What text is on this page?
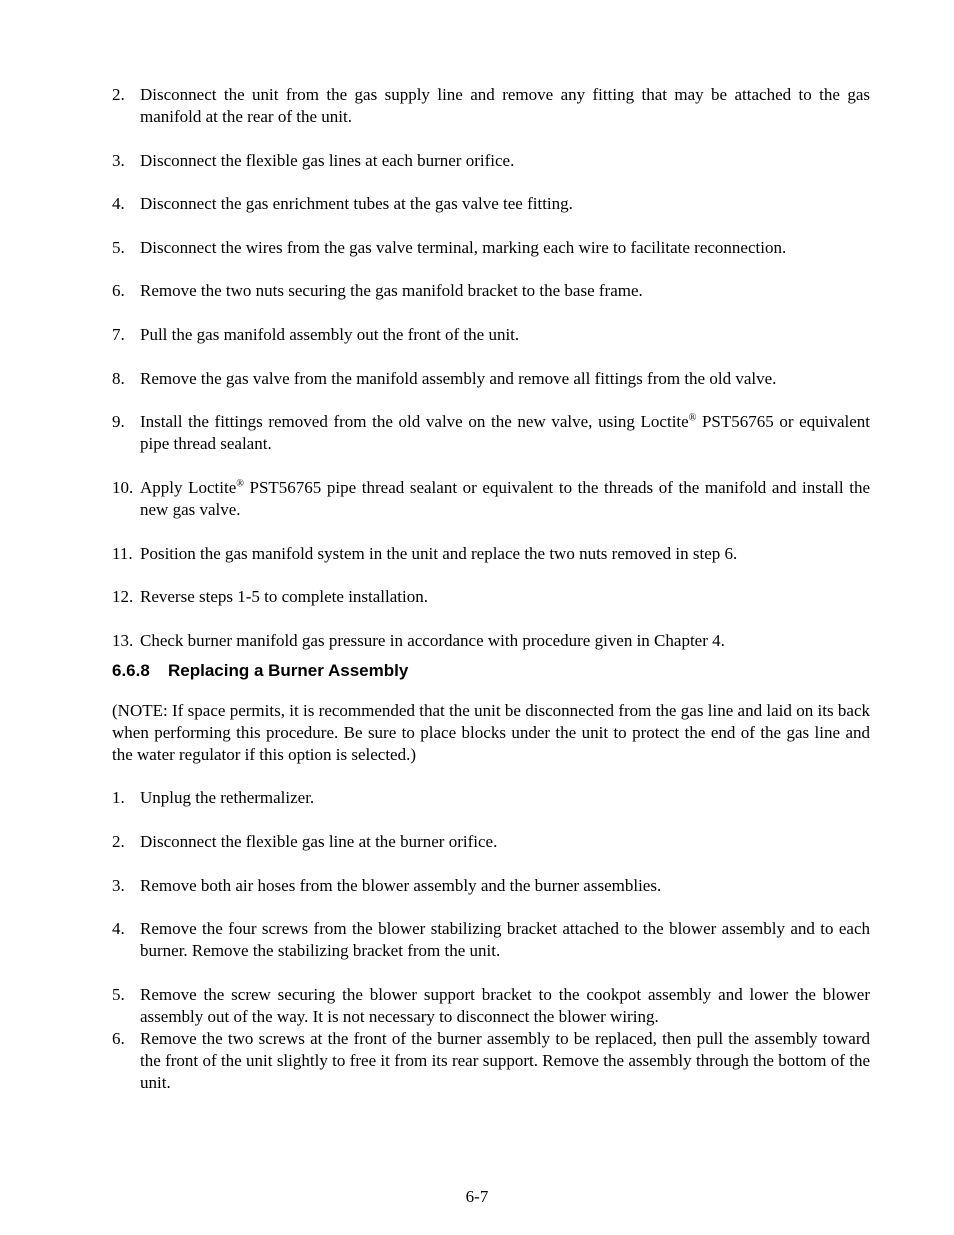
2. Disconnect the unit from the gas supply line and remove any fitting that may be attached to the gas manifold at the rear of the unit.
3. Disconnect the flexible gas lines at each burner orifice.
4. Disconnect the gas enrichment tubes at the gas valve tee fitting.
5. Disconnect the wires from the gas valve terminal, marking each wire to facilitate reconnection.
6. Remove the two nuts securing the gas manifold bracket to the base frame.
7. Pull the gas manifold assembly out the front of the unit.
8. Remove the gas valve from the manifold assembly and remove all fittings from the old valve.
9. Install the fittings removed from the old valve on the new valve, using Loctite® PST56765 or equivalent pipe thread sealant.
10. Apply Loctite® PST56765 pipe thread sealant or equivalent to the threads of the manifold and install the new gas valve.
11. Position the gas manifold system in the unit and replace the two nuts removed in step 6.
12. Reverse steps 1-5 to complete installation.
13. Check burner manifold gas pressure in accordance with procedure given in Chapter 4.
6.6.8 Replacing a Burner Assembly
(NOTE: If space permits, it is recommended that the unit be disconnected from the gas line and laid on its back when performing this procedure. Be sure to place blocks under the unit to protect the end of the gas line and the water regulator if this option is selected.)
1. Unplug the rethermalizer.
2. Disconnect the flexible gas line at the burner orifice.
3. Remove both air hoses from the blower assembly and the burner assemblies.
4. Remove the four screws from the blower stabilizing bracket attached to the blower assembly and to each burner. Remove the stabilizing bracket from the unit.
5. Remove the screw securing the blower support bracket to the cookpot assembly and lower the blower assembly out of the way. It is not necessary to disconnect the blower wiring.
6. Remove the two screws at the front of the burner assembly to be replaced, then pull the assembly toward the front of the unit slightly to free it from its rear support. Remove the assembly through the bottom of the unit.
6-7
